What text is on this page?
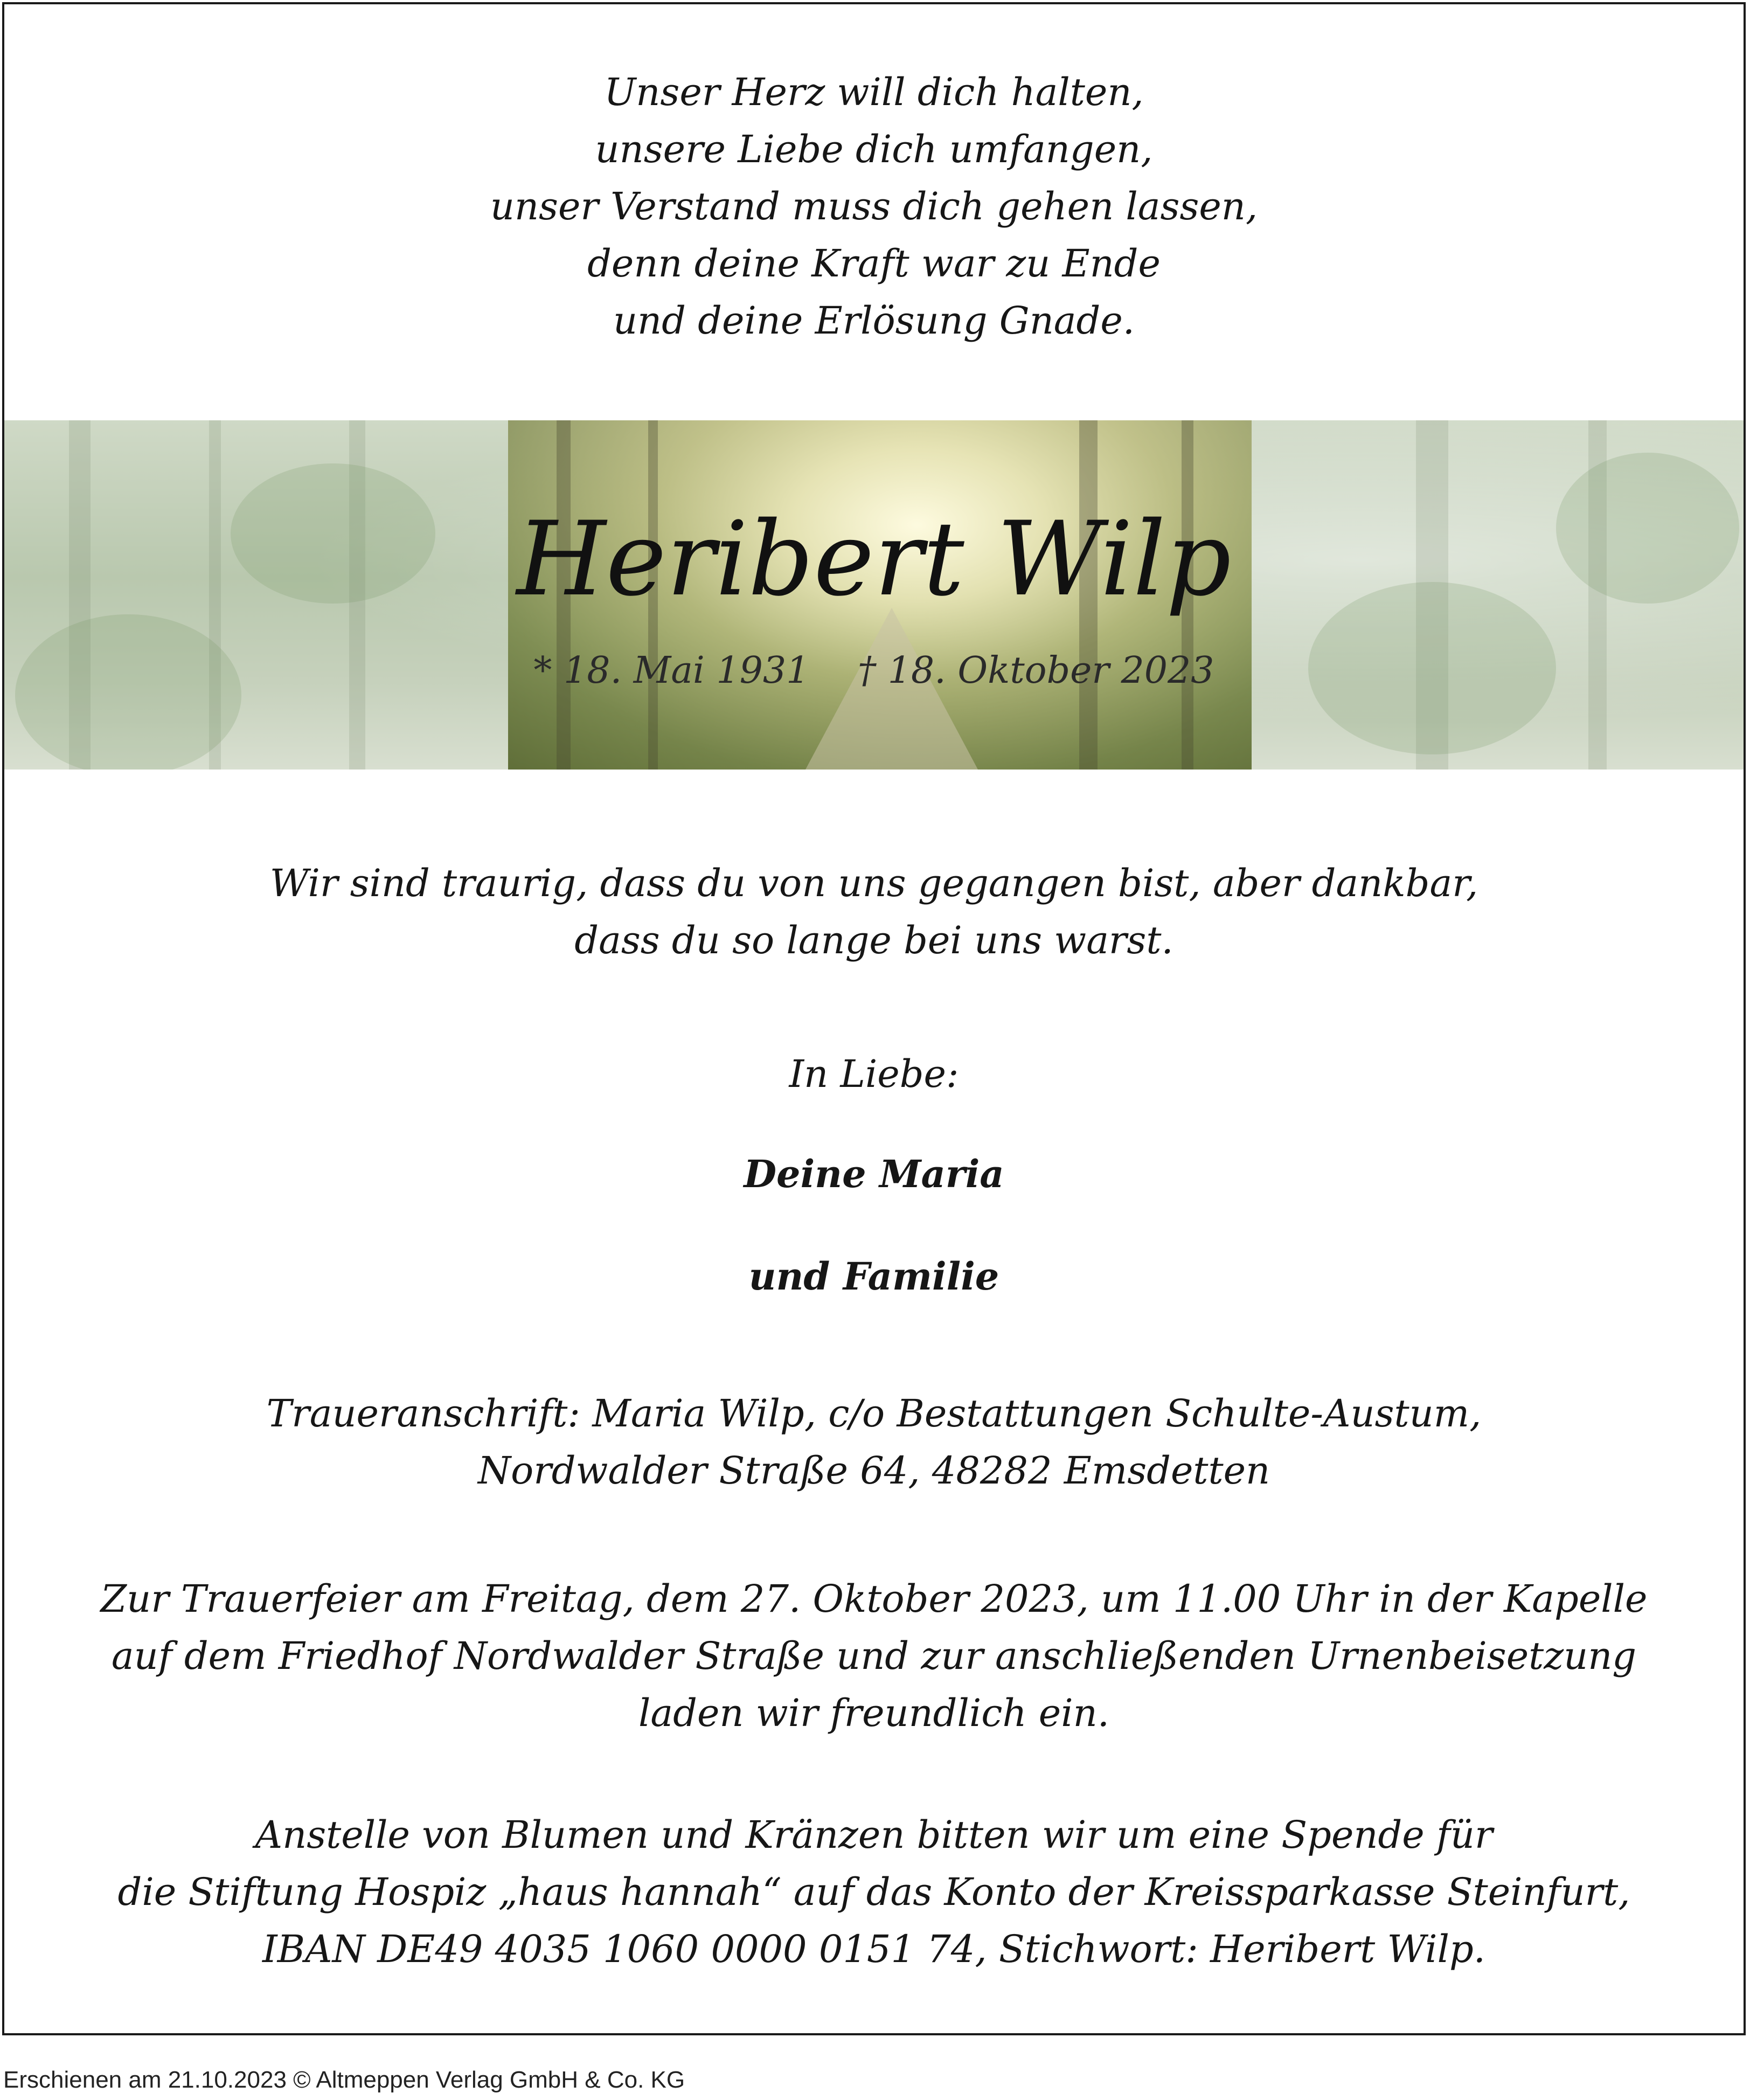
Unser Herz will dich halten,
unsere Liebe dich umfangen,
unser Verstand muss dich gehen lassen,
denn deine Kraft war zu Ende
und deine Erlösung Gnade.
Heribert Wilp
* 18. Mai 1931 † 18. Oktober 2023
Wir sind traurig, dass du von uns gegangen bist, aber dankbar,
dass du so lange bei uns warst.
In Liebe:
Deine Maria
und Familie
Traueranschrift: Maria Wilp, c/o Bestattungen Schulte-Austum,
Nordwalder Straße 64, 48282 Emsdetten
Zur Trauerfeier am Freitag, dem 27. Oktober 2023, um 11.00 Uhr in der Kapelle
auf dem Friedhof Nordwalder Straße und zur anschließenden Urnenbeisetzung
laden wir freundlich ein.
Anstelle von Blumen und Kränzen bitten wir um eine Spende für
die Stiftung Hospiz „haus hannah“ auf das Konto der Kreissparkasse Steinfurt,
IBAN DE49 4035 1060 0000 0151 74, Stichwort: Heribert Wilp.
Erschienen am 21.10.2023 © Altmeppen Verlag GmbH & Co. KG
